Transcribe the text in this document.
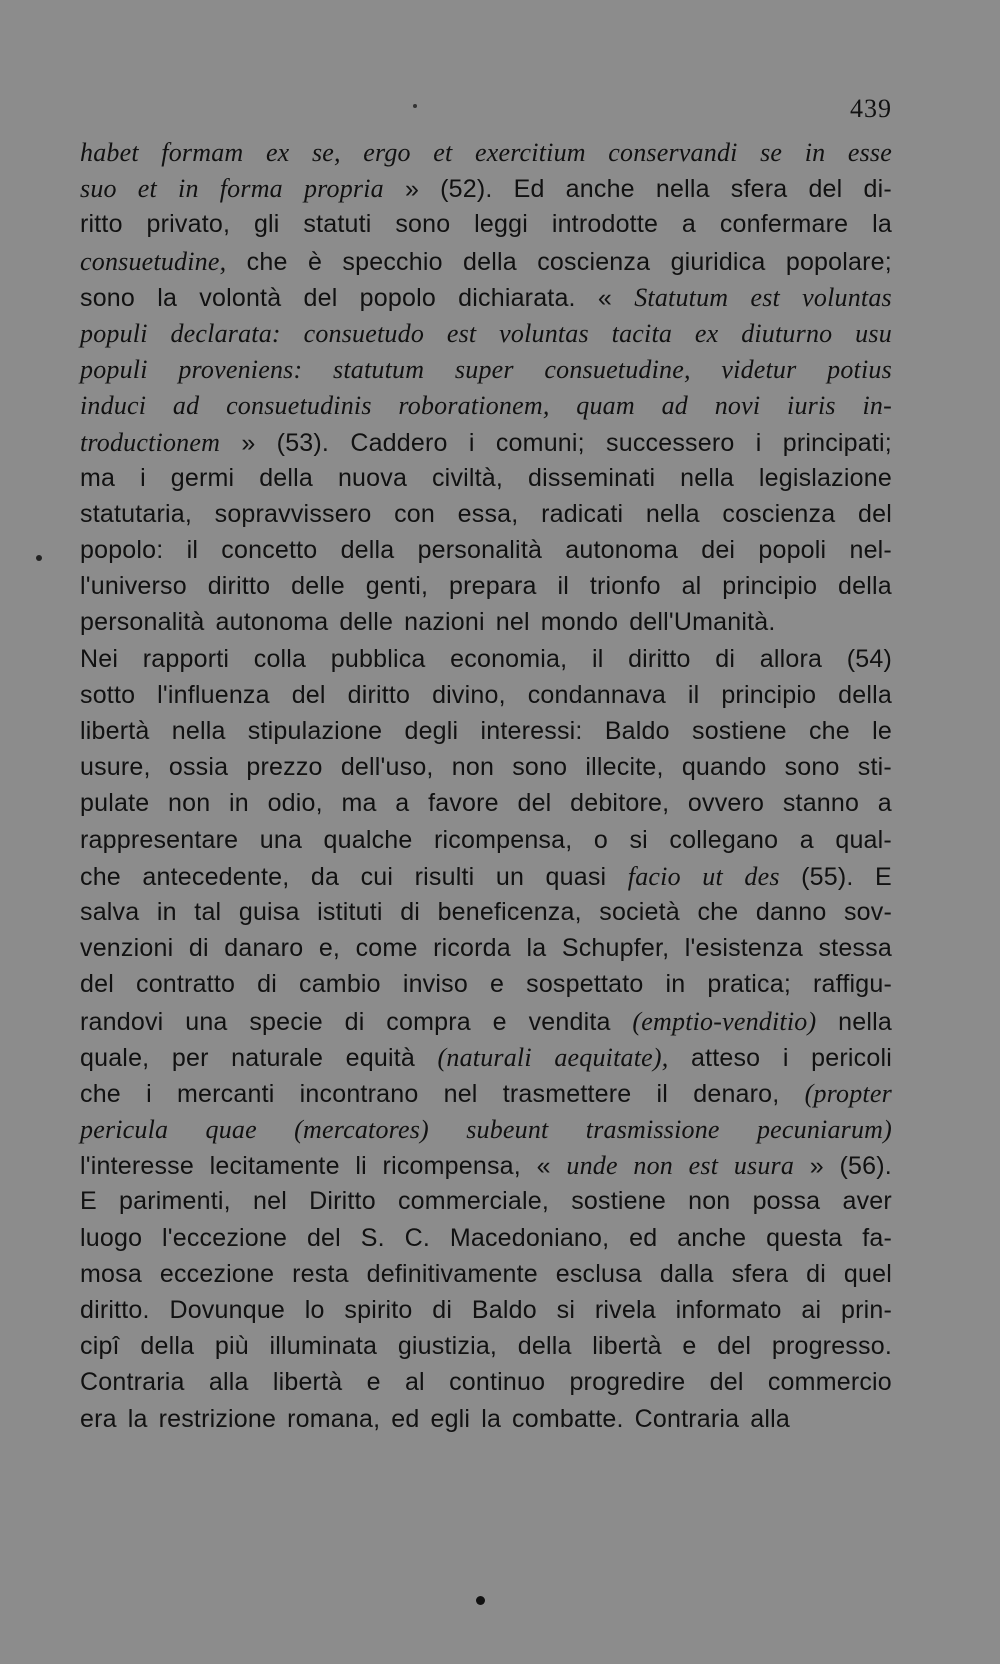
439
habet formam ex se, ergo et exercitium conservandi se in esse
suo et in forma propria » (52). Ed anche nella sfera del di-
ritto privato, gli statuti sono leggi introdotte a confermare la
consuetudine, che è specchio della coscienza giuridica popolare;
sono la volontà del popolo dichiarata. « Statutum est voluntas
populi declarata: consuetudo est voluntas tacita ex diuturno usu
populi proveniens: statutum super consuetudine, videtur potius
induci ad consuetudinis roborationem, quam ad novi iuris in-
troductionem » (53). Caddero i comuni; successero i principati;
ma i germi della nuova civiltà, disseminati nella legislazione
statutaria, sopravvissero con essa, radicati nella coscienza del
popolo: il concetto della personalità autonoma dei popoli nel-
l'universo diritto delle genti, prepara il trionfo al principio della
personalità autonoma delle nazioni nel mondo dell'Umanità.
Nei rapporti colla pubblica economia, il diritto di allora (54)
sotto l'influenza del diritto divino, condannava il principio della
libertà nella stipulazione degli interessi: Baldo sostiene che le
usure, ossia prezzo dell'uso, non sono illecite, quando sono sti-
pulate non in odio, ma a favore del debitore, ovvero stanno a
rappresentare una qualche ricompensa, o si collegano a qual-
che antecedente, da cui risulti un quasi facio ut des (55). E
salva in tal guisa istituti di beneficenza, società che danno sov-
venzioni di danaro e, come ricorda la Schupfer, l'esistenza stessa
del contratto di cambio inviso e sospettato in pratica; raffigu-
randovi una specie di compra e vendita (emptio-venditio) nella
quale, per naturale equità (naturali aequitate), atteso i pericoli
che i mercanti incontrano nel trasmettere il denaro, (propter
pericula quae (mercatores) subeunt trasmissione pecuniarum)
l'interesse lecitamente li ricompensa, « unde non est usura » (56).
E parimenti, nel Diritto commerciale, sostiene non possa aver
luogo l'eccezione del S. C. Macedoniano, ed anche questa fa-
mosa eccezione resta definitivamente esclusa dalla sfera di quel
diritto. Dovunque lo spirito di Baldo si rivela informato ai prin-
cipî della più illuminata giustizia, della libertà e del progresso.
Contraria alla libertà e al continuo progredire del commercio
era la restrizione romana, ed egli la combatte. Contraria alla
